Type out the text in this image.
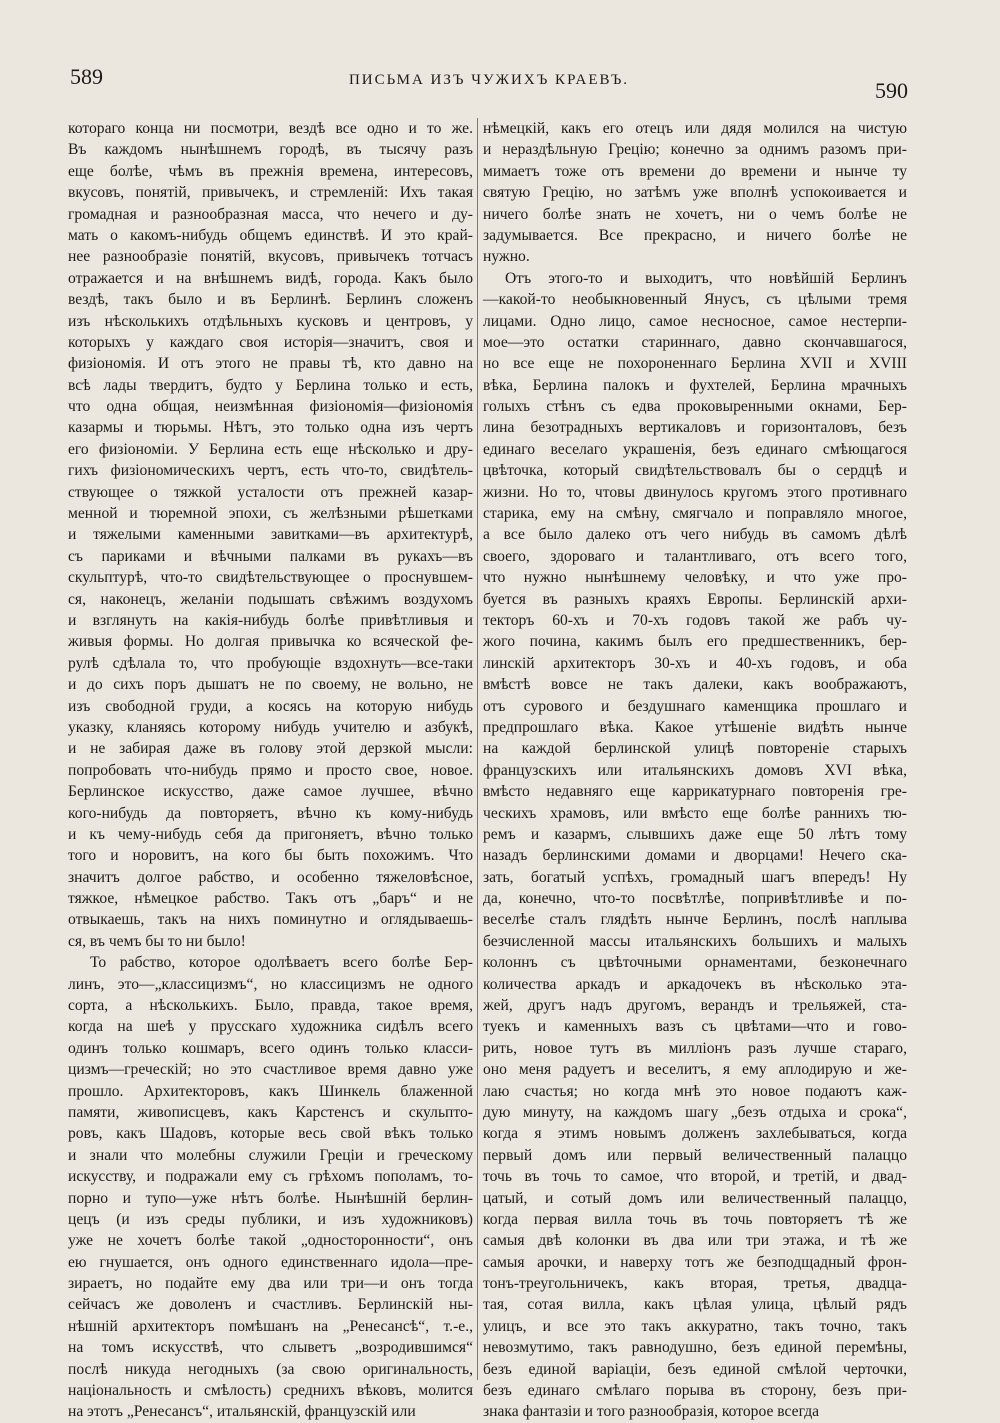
589	ПИСЬМА ИЗЪ ЧУЖИХЪ КРАЕВЪ.	590
котораго конца ни посмотри, вездѣ все одно и то же.
Въ каждомъ нынѣшнемъ городѣ, въ тысячу разъ
еще болѣе, чѣмъ въ прежнія времена, интересовъ,
вкусовъ, понятій, привычекъ, и стремленій: Ихъ такая
громадная и разнообразная масса, что нечего и ду-
мать о какомъ-нибудь общемъ единствѣ. И это край-
нее разнообразіе понятій, вкусовъ, привычекъ тотчасъ
отражается и на внѣшнемъ видѣ, города. Какъ было
вездѣ, такъ было и въ Берлинѣ. Берлинъ сложенъ
изъ нѣсколькихъ отдѣльныхъ кусковъ и центровъ, у
которыхъ у каждаго своя исторія—значитъ, своя и
физіономія. И отъ этого не правы тѣ, кто давно на
всѣ лады твердитъ, будто у Берлина только и есть,
что одна общая, неизмѣнная физіономія—физіономія
казармы и тюрьмы. Нѣтъ, это только одна изъ чертъ
его физіономіи. У Берлина есть еще нѣсколько и дру-
гихъ физіономическихъ чертъ, есть что-то, свидѣтель-
ствующее о тяжкой усталости отъ прежней казар-
менной и тюремной эпохи, съ желѣзными рѣшетками
и тяжелыми каменными завитками—въ архитектурѣ,
съ париками и вѣчными палками въ рукахъ—въ
скульптурѣ, что-то свидѣтельствующее о проснувшем-
ся, наконецъ, желаніи подышать свѣжимъ воздухомъ
и взглянуть на какія-нибудь болѣе привѣтливыя и
живыя формы. Но долгая привычка ко всяческой фе-
рулѣ сдѣлала то, что пробующіе вздохнуть—все-таки
и до сихъ поръ дышатъ не по своему, не вольно, не
изъ свободной груди, а косясь на которую нибудь
указку, кланяясь которому нибудь учителю и азбукѣ,
и не забирая даже въ голову этой дерзкой мысли:
попробовать что-нибудь прямо и просто свое, новое.
Берлинское искусство, даже самое лучшее, вѣчно
кого-нибудь да повторяетъ, вѣчно къ кому-нибудь
и къ чему-нибудь себя да пригоняетъ, вѣчно только
того и норовитъ, на кого бы быть похожимъ. Что
значитъ долгое рабство, и особенно тяжеловѣсное,
тяжкое, нѣмецкое рабство. Такъ отъ „баръ“ и не
отвыкаешь, такъ на нихъ поминутно и оглядываешь-
ся, въ чемъ бы то ни было!
То рабство, которое одолѣваетъ всего болѣе Бер-
линъ, это—„классицизмъ“, но классицизмъ не одного
сорта, а нѣсколькихъ. Было, правда, такое время,
когда на шеѣ у прусскаго художника сидѣлъ всего
одинъ только кошмаръ, всего одинъ только класси-
цизмъ—греческій; но это счастливое время давно уже
прошло. Архитекторовъ, какъ Шинкель блаженной
памяти, живописцевъ, какъ Карстенсъ и скульпто-
ровъ, какъ Шадовъ, которые весь свой вѣкъ только
и знали что молебны служили Греціи и греческому
искусству, и подражали ему съ грѣхомъ пополамъ, то-
порно и тупо—уже нѣтъ болѣе. Нынѣшній берлин-
цецъ (и изъ среды публики, и изъ художниковъ)
уже не хочетъ болѣе такой „односторонности“, онъ
ею гнушается, онъ одного единственнаго идола—пре-
зираетъ, но подайте ему два или три—и онъ тогда
сейчасъ же доволенъ и счастливъ. Берлинскій ны-
нѣшній архитекторъ помѣшанъ на „Ренесансѣ“, т.-е.,
на томъ искусствѣ, что слыветъ „возродившимся“
послѣ никуда негодныхъ (за свою оригинальность,
національность и смѣлость) среднихъ вѣковъ, молится
на этотъ „Ренесансъ“, итальянскій, французскій или
нѣмецкій, какъ его отецъ или дядя молился на чистую
и нераздѣльную Грецію; конечно за однимъ разомъ при-
мимаетъ тоже отъ времени до времени и нынче ту
святую Грецію, но затѣмъ уже вполнѣ успокоивается и
ничего болѣе знать не хочетъ, ни о чемъ болѣе не
задумывается. Все прекрасно, и ничего болѣе не
нужно.
Отъ этого-то и выходитъ, что новѣйшій Берлинъ
—какой-то необыкновенный Янусъ, съ цѣлыми тремя
лицами. Одно лицо, самое несносное, самое нестерпи-
мое—это остатки стариннаго, давно скончавшагося,
но все еще не похороненнаго Берлина XVII и XVIII
вѣка, Берлина палокъ и фухтелей, Берлина мрачныхъ
голыхъ стѣнъ съ едва проковыренными окнами, Бер-
лина безотрадныхъ вертикаловъ и горизонталовъ, безъ
единаго веселаго украшенія, безъ единаго смѣющагося
цвѣточка, который свидѣтельствовалъ бы о сердцѣ и
жизни. Но то, чтовы двинулось кругомъ этого противнаго
старика, ему на смѣну, смягчало и поправляло многое,
а все было далеко отъ чего нибудь въ самомъ дѣлѣ
своего, здороваго и талантливаго, отъ всего того,
что нужно нынѣшнему человѣку, и что уже про-
буется въ разныхъ краяхъ Европы. Берлинскій архи-
текторъ 60-хъ и 70-хъ годовъ такой же рабъ чу-
жого почина, какимъ былъ его предшественникъ, бер-
линскій архитекторъ 30-хъ и 40-хъ годовъ, и оба
вмѣстѣ вовсе не такъ далеки, какъ воображаютъ,
отъ сурового и бездушнаго каменщика прошлаго и
предпрошлаго вѣка. Какое утѣшеніе видѣть нынче
на каждой берлинской улицѣ повтореніе старыхъ
французскихъ или итальянскихъ домовъ XVI вѣка,
вмѣсто недавняго еще каррикатурнаго повторенія гре-
ческихъ храмовъ, или вмѣсто еще болѣе раннихъ тю-
ремъ и казармъ, слывшихъ даже еще 50 лѣтъ тому
назадъ берлинскими домами и дворцами! Нечего ска-
зать, богатый успѣхъ, громадный шагъ впередъ! Ну
да, конечно, что-то посвѣтлѣе, попривѣтливѣе и по-
веселѣе сталъ глядѣть нынче Берлинъ, послѣ наплыва
безчисленной массы итальянскихъ большихъ и малыхъ
колоннъ съ цвѣточными орнаментами, безконечнаго
количества аркадъ и аркадочекъ въ нѣсколько эта-
жей, другъ надъ другомъ, верандъ и трельяжей, ста-
туекъ и каменныхъ вазъ съ цвѣтами—что и гово-
рить, новое тутъ въ милліонъ разъ лучше стараго,
оно меня радуетъ и веселитъ, я ему аплодирую и же-
лаю счастья; но когда мнѣ это новое подаютъ каж-
дую минуту, на каждомъ шагу „безъ отдыха и срока“,
когда я этимъ новымъ долженъ захлебываться, когда
первый домъ или первый величественный палаццо
точь въ точь то самое, что второй, и третій, и двад-
цатый, и сотый домъ или величественный палаццо,
когда первая вилла точь въ точь повторяетъ тѣ же
самыя двѣ колонки въ два или три этажа, и тѣ же
самыя арочки, и наверху тотъ же безподщадный фрон-
тонъ-треугольничекъ, какъ вторая, третья, двадца-
тая, сотая вилла, какъ цѣлая улица, цѣлый рядъ
улицъ, и все это такъ аккуратно, такъ точно, такъ
невозмутимо, такъ равнодушно, безъ единой перемѣны,
безъ единой варіаціи, безъ единой смѣлой черточки,
безъ единаго смѣлаго порыва въ сторону, безъ при-
знака фантазіи и того разнообразія, которое всегда
